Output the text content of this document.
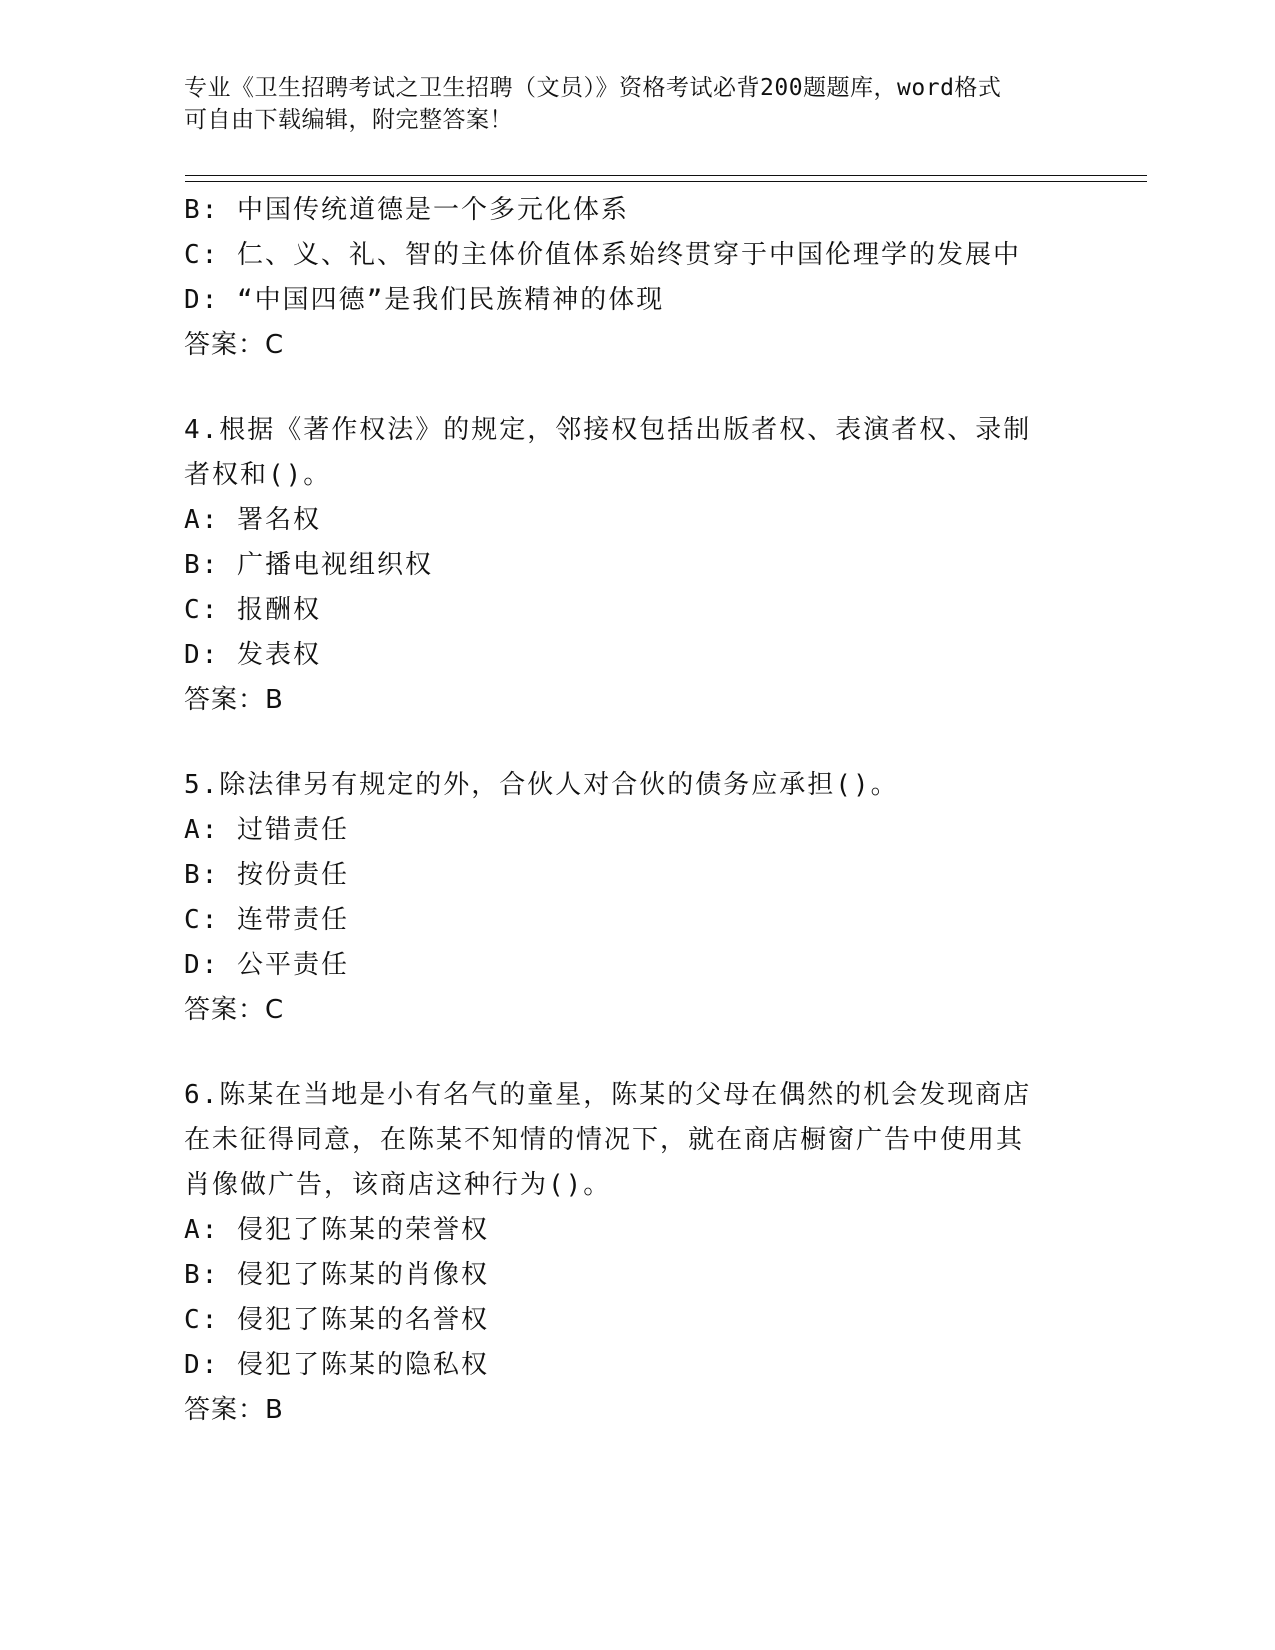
专业《卫生招聘考试之卫生招聘（文员）》资格考试必背200题题库，word格式
可自由下载编辑，附完整答案！
B: 中国传统道德是一个多元化体系
C: 仁、义、礼、智的主体价值体系始终贯穿于中国伦理学的发展中
D: “中国四德”是我们民族精神的体现
答案：C
4.根据《著作权法》的规定，邻接权包括出版者权、表演者权、录制
者权和()。
A: 署名权
B: 广播电视组织权
C: 报酬权
D: 发表权
答案：B
5.除法律另有规定的外，合伙人对合伙的债务应承担()。
A: 过错责任
B: 按份责任
C: 连带责任
D: 公平责任
答案：C
6.陈某在当地是小有名气的童星，陈某的父母在偶然的机会发现商店
在未征得同意，在陈某不知情的情况下，就在商店橱窗广告中使用其
肖像做广告，该商店这种行为()。
A: 侵犯了陈某的荣誉权
B: 侵犯了陈某的肖像权
C: 侵犯了陈某的名誉权
D: 侵犯了陈某的隐私权
答案：B
